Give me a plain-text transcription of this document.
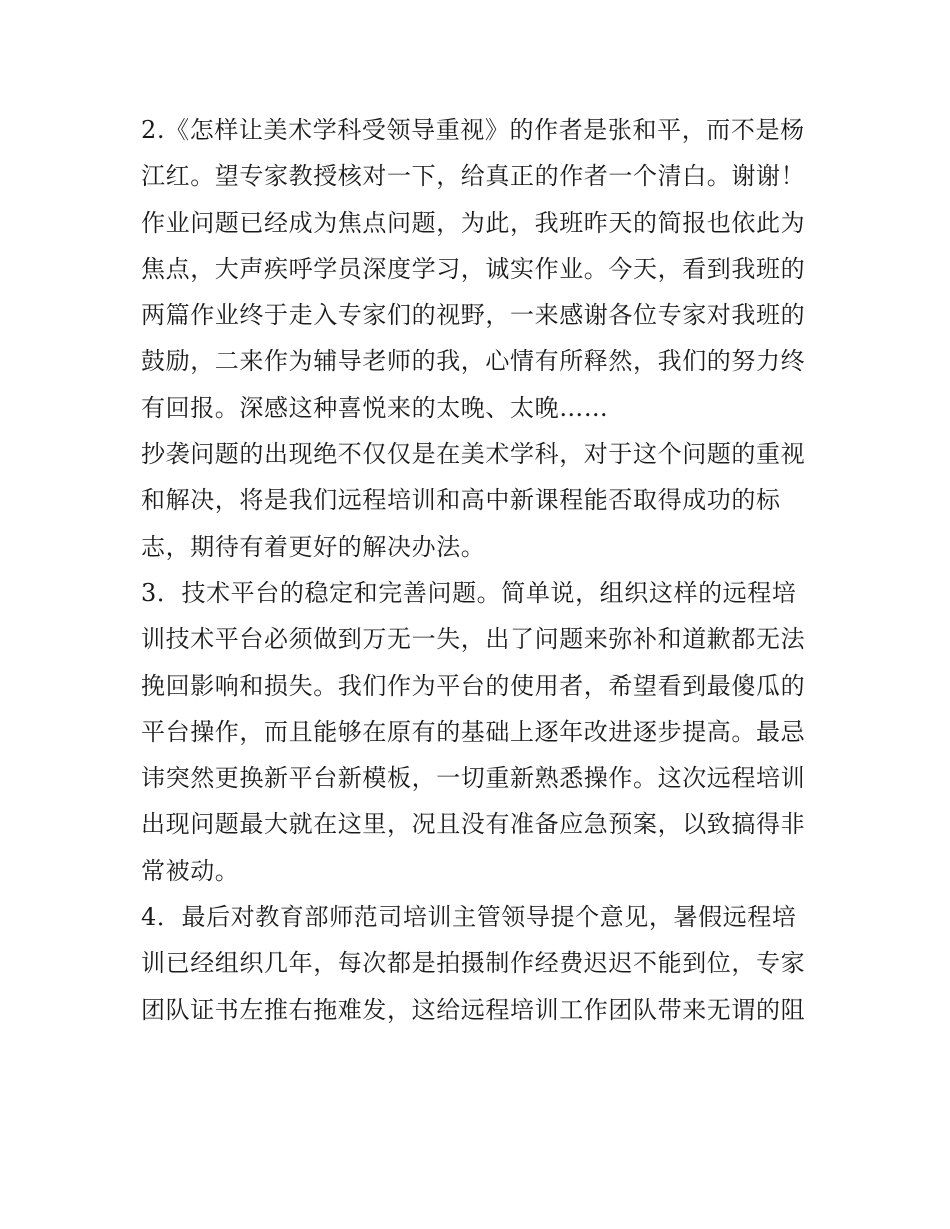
2.《怎样让美术学科受领导重视》的作者是张和平，而不是杨
江红。望专家教授核对一下，给真正的作者一个清白。谢谢！
作业问题已经成为焦点问题，为此，我班昨天的简报也依此为
焦点，大声疾呼学员深度学习，诚实作业。今天，看到我班的
两篇作业终于走入专家们的视野，一来感谢各位专家对我班的
鼓励，二来作为辅导老师的我，心情有所释然，我们的努力终
有回报。深感这种喜悦来的太晚、太晚……
抄袭问题的出现绝不仅仅是在美术学科，对于这个问题的重视
和解决，将是我们远程培训和高中新课程能否取得成功的标
志，期待有着更好的解决办法。
3．技术平台的稳定和完善问题。简单说，组织这样的远程培
训技术平台必须做到万无一失，出了问题来弥补和道歉都无法
挽回影响和损失。我们作为平台的使用者，希望看到最傻瓜的
平台操作，而且能够在原有的基础上逐年改进逐步提高。最忌
讳突然更换新平台新模板，一切重新熟悉操作。这次远程培训
出现问题最大就在这里，况且没有准备应急预案，以致搞得非
常被动。
4．最后对教育部师范司培训主管领导提个意见，暑假远程培
训已经组织几年，每次都是拍摄制作经费迟迟不能到位，专家
团队证书左推右拖难发，这给远程培训工作团队带来无谓的阻
